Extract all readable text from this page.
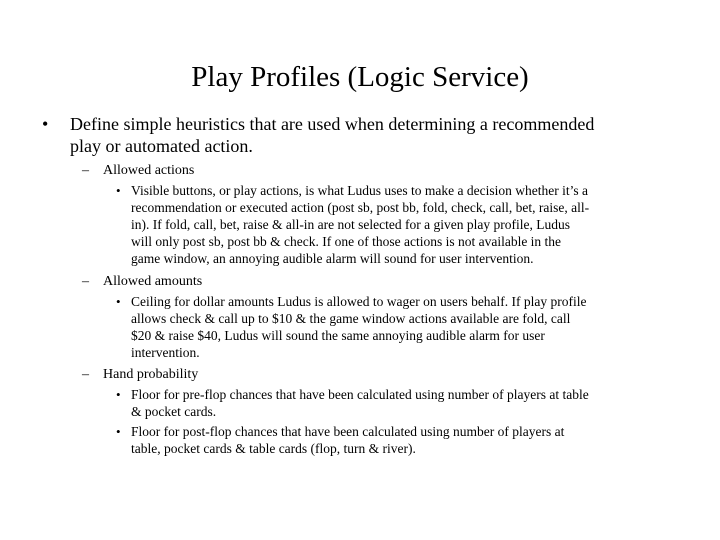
Play Profiles (Logic Service)
• Define simple heuristics that are used when determining a recommended
play or automated action.
– Allowed actions
• Visible buttons, or play actions, is what Ludus uses to make a decision whether it’s a
recommendation or executed action (post sb, post bb, fold, check, call, bet, raise, all-
in). If fold, call, bet, raise & all-in are not selected for a given play profile, Ludus
will only post sb, post bb & check. If one of those actions is not available in the
game window, an annoying audible alarm will sound for user intervention.
– Allowed amounts
• Ceiling for dollar amounts Ludus is allowed to wager on users behalf. If play profile
allows check & call up to $10 & the game window actions available are fold, call
$20 & raise $40, Ludus will sound the same annoying audible alarm for user
intervention.
– Hand probability
• Floor for pre-flop chances that have been calculated using number of players at table
& pocket cards.
• Floor for post-flop chances that have been calculated using number of players at
table, pocket cards & table cards (flop, turn & river).
